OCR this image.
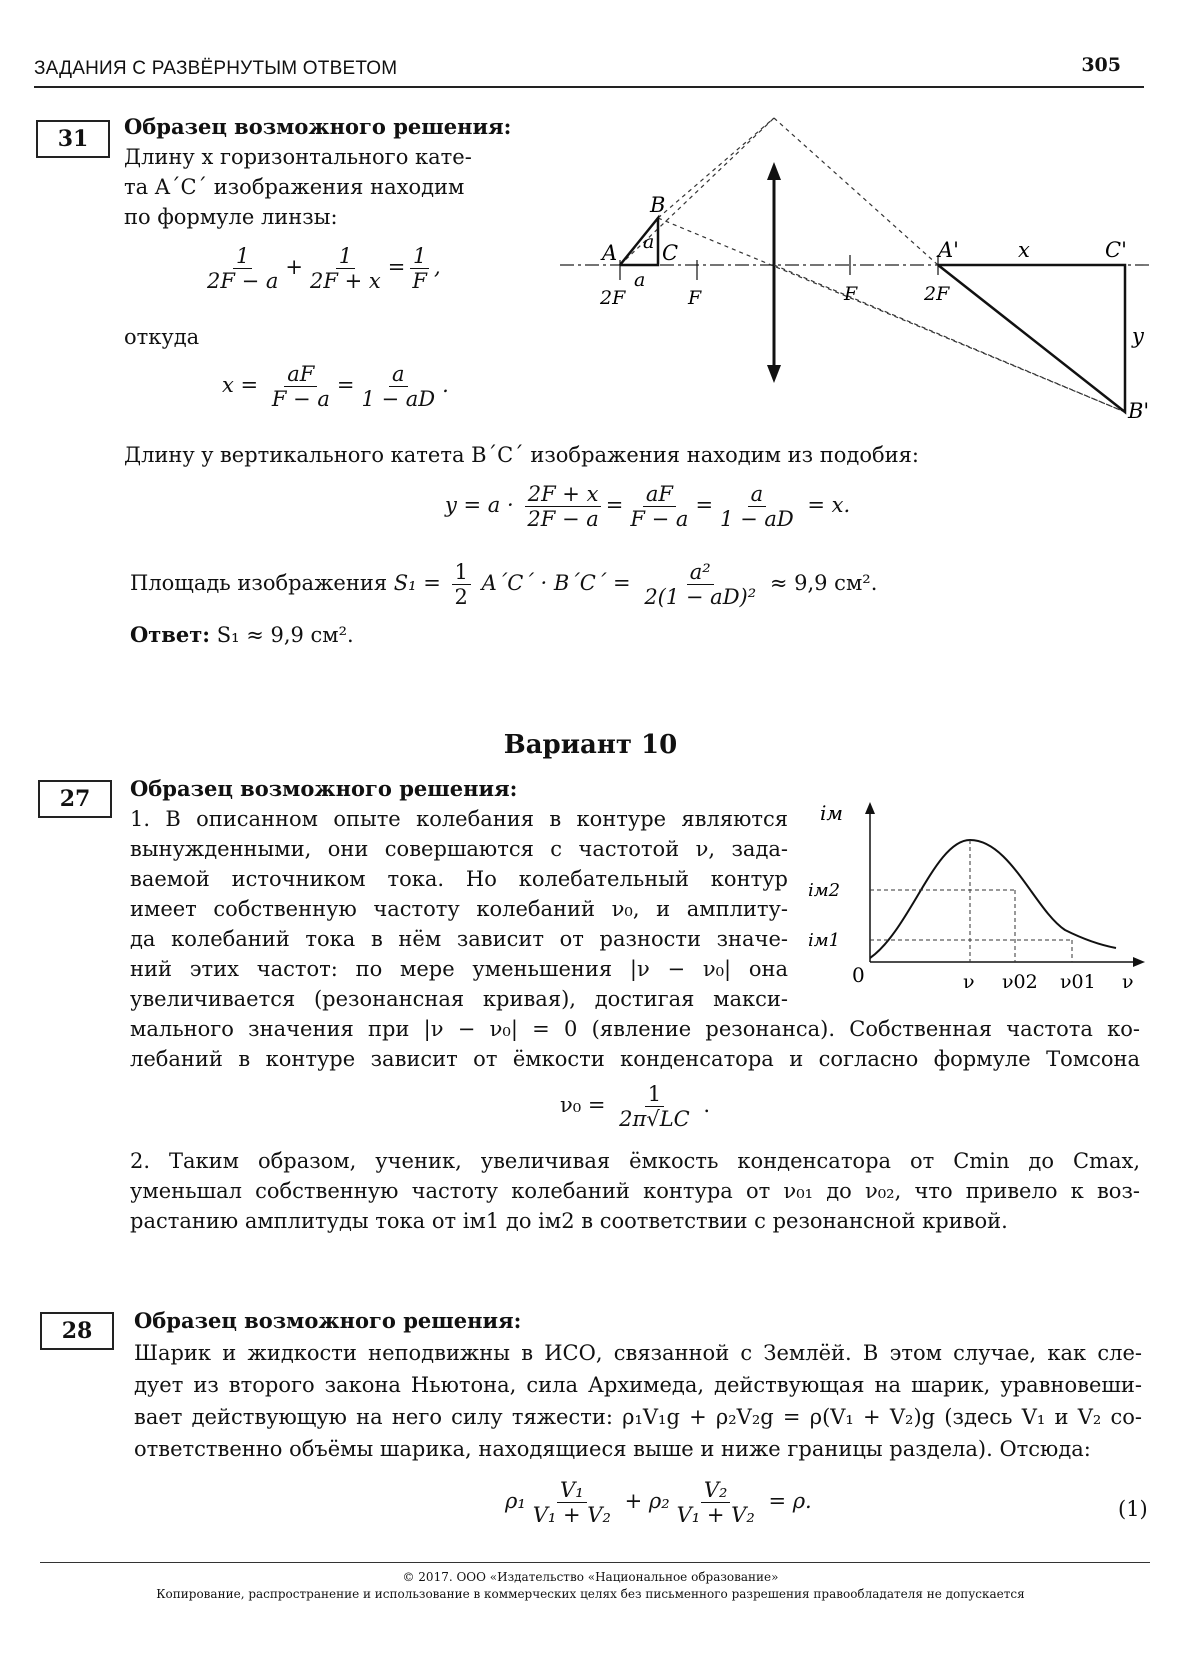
ЗАДАНИЯ С РАЗВЁРНУТЫМ ОТВЕТОМ	305
31	Образец возможного решения:
Длину x горизонтального кате-
та A´C´ изображения находим
по формуле линзы:
$\frac{1}{2F - a} + \frac{1}{2F + x} = \frac{1}{F}$ ,
откуда
$x = \frac{aF}{F - a} = \frac{a}{1 - aD}$ .
A
B
C
a
a
2F	F	F	2F
A'	x	C'
y
B'
Длину y вертикального катета B´C´ изображения находим из подобия:
$y = a \cdot \frac{2F + x}{2F - a} = \frac{aF}{F - a} = \frac{a}{1 - aD} = x$.
Площадь изображения $S_1 = \frac{1}{2}$ A´C´ · B´C´ = $\frac{\text{a²}}{\text{2(1 − aD)²}} \approx 9,9$ см².
Ответ: S₁ ≈ 9,9 см².
Вариант 10
27	Образец возможного решения:
1. В описанном опыте колебания в контуре являются
вынужденными, они совершаются с частотой ν, зада-
ваемой источником тока. Но колебательный контур
имеет собственную частоту колебаний ν₀, и амплиту-
да колебаний тока в нём зависит от разности значе-
ний этих частот: по мере уменьшения |ν − ν₀| она
увеличивается (резонансная кривая), достигая макси-
мального значения при |ν − ν₀| = 0 (явление резонанса). Собственная частота ко-
лебаний в контуре зависит от ёмкости конденсатора и согласно формуле Томсона
$\nu_0 = \frac{1}{2\pi√LC}$ .
2. Таким образом, ученик, увеличивая ёмкость конденсатора от Cmin до Cmax,
уменьшал собственную частоту колебаний контура от ν₀₁ до ν₀₂, что привело к воз-
растанию амплитуды тока от iм1 до iм2 в соответствии с резонансной кривой.
iм
iм2
iм1
0	ν ν02 ν01 ν
28	Образец возможного решения:
Шарик и жидкости неподвижны в ИСО, связанной с Землёй. В этом случае, как сле-
дует из второго закона Ньютона, сила Архимеда, действующая на шарик, уравновеши-
вает действующую на него силу тяжести: ρ₁V₁g + ρ₂V₂g = ρ(V₁ + V₂)g (здесь V₁ и V₂ со-
ответственно объёмы шарика, находящиеся выше и ниже границы раздела). Отсюда:
$\rho_1 \frac{\text{V₁}}{\text{V₁ + V₂}} + \rho_2 \frac{\text{V₂}}{\text{V₁ + V₂}} = \rho$.	(1)
© 2017. ООО «Издательство «Национальное образование»
Копирование, распространение и использование в коммерческих целях без письменного разрешения правообладателя не допускается
